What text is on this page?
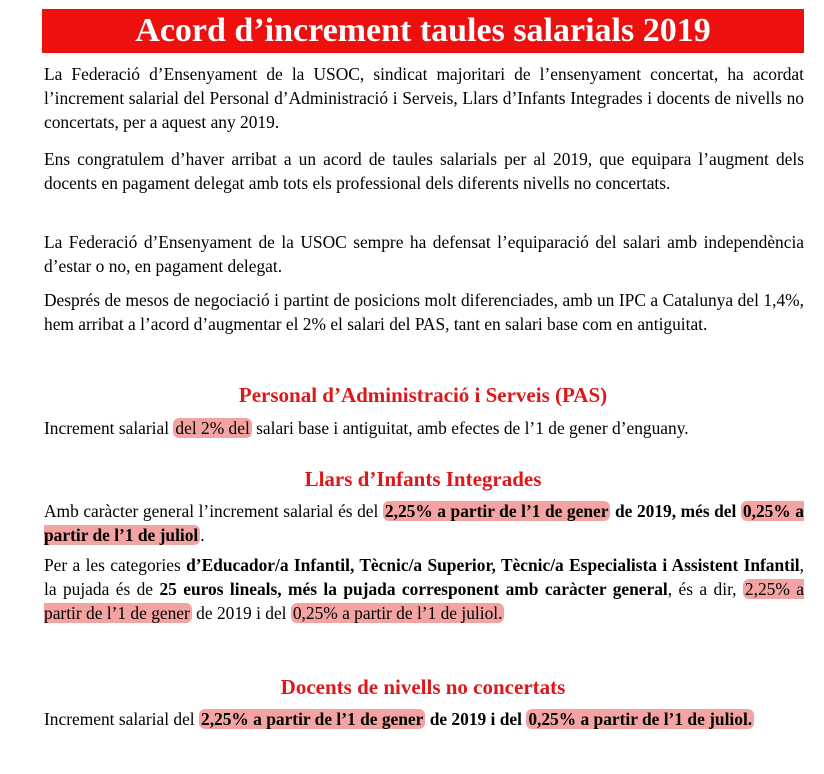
Acord d’increment taules salarials 2019

La Federació d’Ensenyament de la USOC, sindicat majoritari de l’ensenyament concertat, ha acordat l’increment salarial del Personal d’Administració i Serveis, Llars d’Infants Integrades i docents de nivells no concertats, per a aquest any 2019.

Ens congratulem d’haver arribat a un acord de taules salarials per al 2019, que equipara l’augment dels docents en pagament delegat amb tots els professional dels diferents nivells no concertats.

La Federació d’Ensenyament de la USOC sempre ha defensat l’equiparació del salari amb independència d’estar o no, en pagament delegat.

Després de mesos de negociació i partint de posicions molt diferenciades, amb un IPC a Catalunya del 1,4%, hem arribat a l’acord d’augmentar el 2% el salari del PAS, tant en salari base com en antiguitat.

Personal d’Administració i Serveis (PAS)

Increment salarial del 2% del salari base i antiguitat, amb efectes de l’1 de gener d’enguany.

Llars d’Infants Integrades

Amb caràcter general l’increment salarial és del 2,25% a partir de l’1 de gener de 2019, més del 0,25% a partir de l’1 de juliol .

Per a les categories d’Educador/a Infantil, Tècnic/a Superior, Tècnic/a Especialista i Assistent Infantil, la pujada és de 25 euros lineals, més la pujada corresponent amb caràcter general, és a dir, 2,25% a partir de l’1 de gener de 2019 i del 0,25% a partir de l’1 de juliol.

Docents de nivells no concertats

Increment salarial del 2,25% a partir de l’1 de gener de 2019 i del 0,25% a partir de l’1 de juliol.
